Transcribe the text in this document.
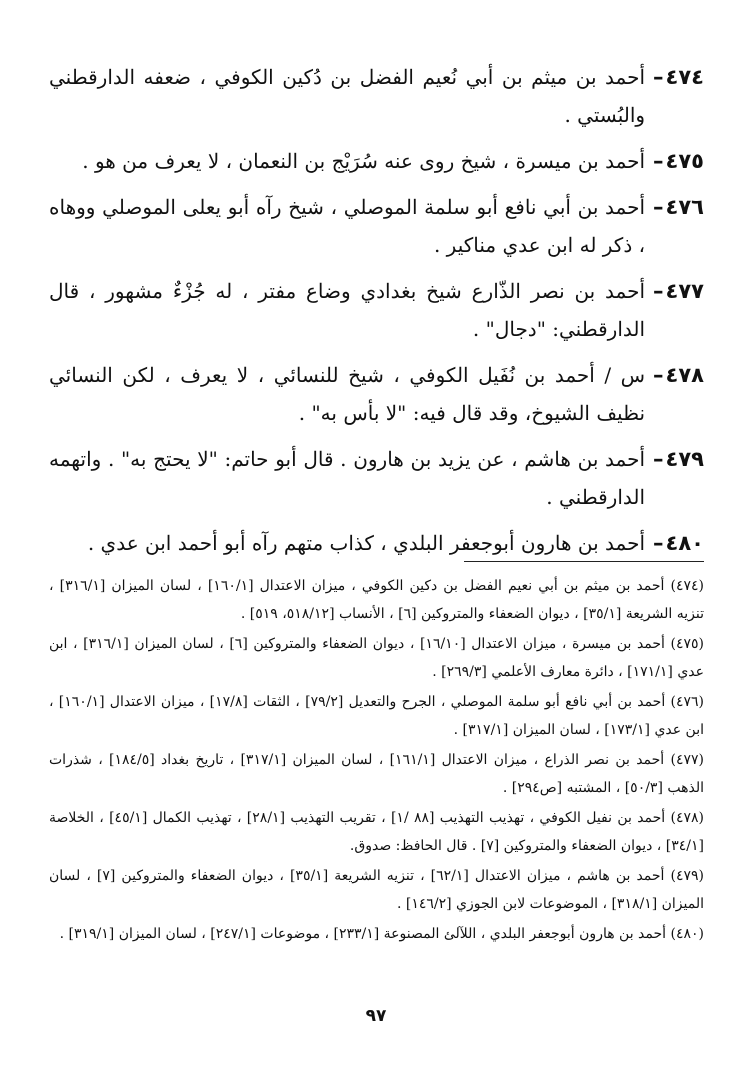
٤٧٤–
أحمد بن ميثم بن أبي نُعيم الفضل بن دُكين الكوفي ، ضعفه الدارقطني والبُستي .
٤٧٥–
أحمد بن ميسرة ، شيخ روى عنه سُرَيْج بن النعمان ، لا يعرف من هو .
٤٧٦–
أحمد بن أبي نافع أبو سلمة الموصلي ، شيخ رآه أبو يعلى الموصلي ووهاه ، ذكر له ابن عدي مناكير .
٤٧٧–
أحمد بن نصر الذّارع شيخ بغدادي وضاع مفتر ، له جُزْءٌ مشهور ، قال الدارقطني: "دجال" .
٤٧٨–
س / أحمد بن نُفَيل الكوفي ، شيخ للنسائي ، لا يعرف ، لكن النسائي نظيف الشيوخ، وقد قال فيه: "لا بأس به" .
٤٧٩–
أحمد بن هاشم ، عن يزيد بن هارون . قال أبو حاتم: "لا يحتج به" . واتهمه الدارقطني .
٤٨٠–
أحمد بن هارون أبوجعفر البلدي ، كذاب متهم رآه أبو أحمد ابن عدي .
(٤٧٤) أحمد بن ميثم بن أبي نعيم الفضل بن دكين الكوفي ، ميزان الاعتدال [١٦٠/١] ، لسان الميزان [٣١٦/١] ، تنزيه الشريعة [٣٥/١] ، ديوان الضعفاء والمتروكين [٦] ، الأنساب [٥١٨/١٢، ٥١٩] .
(٤٧٥) أحمد بن ميسرة ، ميزان الاعتدال [١٦/١٠] ، ديوان الضعفاء والمتروكين [٦] ، لسان الميزان [٣١٦/١] ، ابن عدي [١٧١/١] ، دائرة معارف الأعلمي [٢٦٩/٣] .
(٤٧٦) أحمد بن أبي نافع أبو سلمة الموصلي ، الجرح والتعديل [٧٩/٢] ، الثقات [١٧/٨] ، ميزان الاعتدال [١٦٠/١] ، ابن عدي [١٧٣/١] ، لسان الميزان [٣١٧/١] .
(٤٧٧) أحمد بن نصر الذراع ، ميزان الاعتدال [١٦١/١] ، لسان الميزان [٣١٧/١] ، تاريخ بغداد [١٨٤/٥] ، شذرات الذهب [٥٠/٣] ، المشتبه [ص٢٩٤] .
(٤٧٨) أحمد بن نفيل الكوفي ، تهذيب التهذيب [٨٨ /١] ، تقريب التهذيب [٢٨/١] ، تهذيب الكمال [٤٥/١] ، الخلاصة [٣٤/١] ، ديوان الضعفاء والمتروكين [٧] . قال الحافظ: صدوق.
(٤٧٩) أحمد بن هاشم ، ميزان الاعتدال [٦٢/١] ، تنزيه الشريعة [٣٥/١] ، ديوان الضعفاء والمتروكين [٧] ، لسان الميزان [٣١٨/١] ، الموضوعات لابن الجوزي [١٤٦/٢] .
(٤٨٠) أحمد بن هارون أبوجعفر البلدي ، اللآلئ المصنوعة [٢٣٣/١] ، موضوعات [٢٤٧/١] ، لسان الميزان [٣١٩/١] .
٩٧
